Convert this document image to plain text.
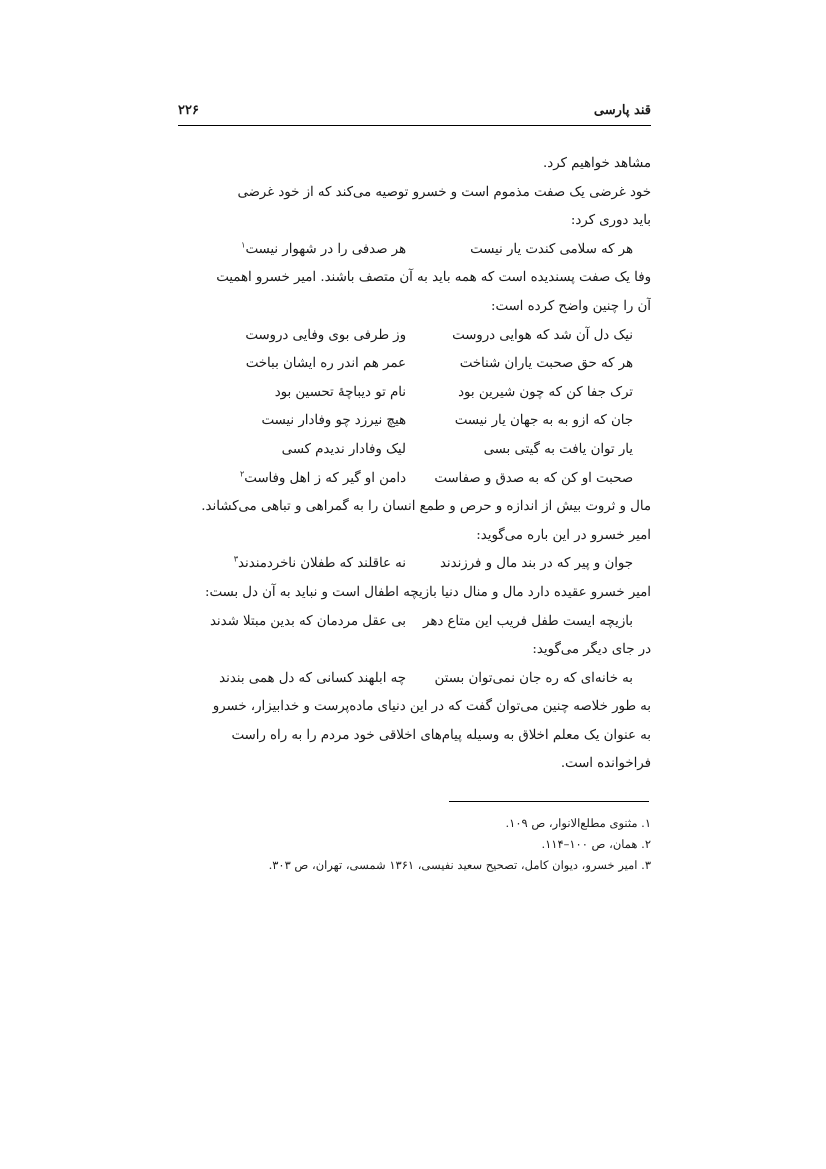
قند پارسی
۲۲۶

مشاهد خواهیم کرد.

خود غرضی یک صفت مذموم است و خسرو توصیه می‌کند که از خود غرضی

باید دوری کرد:

هر که سلامی کندت یار نیست
هر صدفی را در شهوار نیست$^۱$

وفا یک صفت پسندیده است که همه باید به آن متصف باشند. امیر خسرو اهمیت

آن را چنین واضح کرده است:

نیک دل آن شد که هوایی دروست
وز طرفی بوی وفایی دروست
هر که حق صحبت یاران شناخت
عمر هم اندر ره ایشان بباخت
ترک جفا کن که چون شیرین بود
نام تو دیباچهٔ تحسین بود
جان که ازو به به جهان یار نیست
هیچ نیرزد چو وفادار نیست
یار توان یافت به گیتی بسی
لیک وفادار ندیدم کسی
صحبت او کن که به صدق و صفاست
دامن او گیر که ز اهل وفاست$^۲$

مال و ثروت بیش از اندازه و حرص و طمع انسان را به گمراهی و تباهی می‌کشاند.

امیر خسرو در این باره می‌گوید:

جوان و پیر که در بند مال و فرزندند
نه عاقلند که طفلان ناخردمندند$^۳$

امیر خسرو عقیده دارد مال و منال دنیا بازیچه اطفال است و نباید به آن دل بست:

بازیچه ایست طفل فریب این متاع دهر
بی عقل مردمان که بدین مبتلا شدند

در جای دیگر می‌گوید:

به خانه‌ای که ره جان نمی‌توان بستن
چه ابلهند کسانی که دل همی بندند

به طور خلاصه چنین می‌توان گفت که در این دنیای ماده‌پرست و خدابیزار، خسرو

به عنوان یک معلم اخلاق به وسیله پیام‌های اخلاقی خود مردم را به راه راست

فراخوانده است.

۱. مثنوی مطلع‌الانوار، ص ۱۰۹.
۲. همان، ص ۱۰۰–۱۱۴.
۳. امیر خسرو، دیوان کامل، تصحیح سعید نفیسی، ۱۳۶۱ شمسی، تهران، ص ۳۰۳.
